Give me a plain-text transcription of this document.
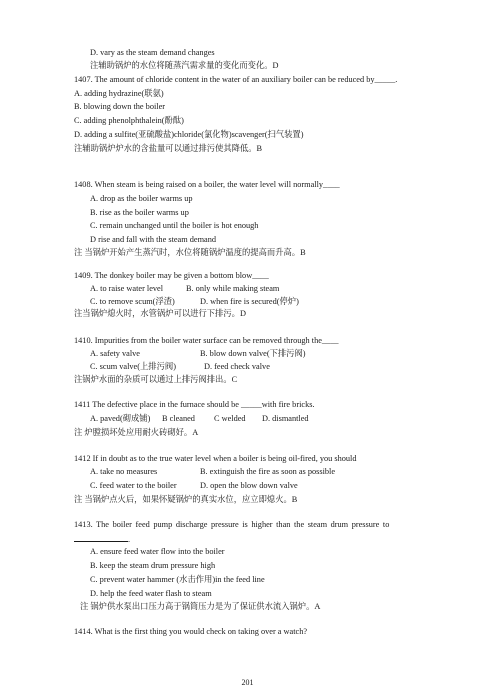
D. vary as the steam demand changes
注辅助锅炉的水位将随蒸汽需求量的变化而变化。D
1407. The amount of chloride content in the water of an auxiliary boiler can be reduced by_____.
A. adding hydrazine(联氨)
B. blowing down the boiler
C. adding phenolphthalein(酚酞)
D. adding a sulfite(亚硫酸盐)chloride(氯化物)scavenger(扫气装置)
注辅助锅炉炉水的含盐量可以通过排污使其降低。B
1408. When steam is being raised on a boiler, the water level will normally____
A. drop as the boiler warms up
B. rise as the boiler warms up
C. remain unchanged until the boiler is hot enough
D rise and fall with the steam demand
注 当锅炉开始产生蒸汽时，水位将随锅炉温度的提高而升高。B
1409. The donkey boiler may be given a bottom blow____
A. to raise water level	B. only while making steam
C. to remove scum(浮渣)	D. when fire is secured(停炉)
注当锅炉熄火时，水管锅炉可以进行下排污。D
1410. Impurities from the boiler water surface can be removed through the____
A. safety valve	B. blow down valve(下排污阀)
C. scum valve(上排污阀)	D. feed check valve
注锅炉水面的杂质可以通过上排污阀排出。C
1411 The defective place in the furnace should be _____with fire bricks.
A. paved(砌成铺) B cleaned C welded D. dismantled
注 炉膛损坏处应用耐火砖砌好。A
1412 If in doubt as to the true water level when a boiler is being oil-fired, you should
A. take no measures	B. extinguish the fire as soon as possible
C. feed water to the boiler	D. open the blow down valve
注 当锅炉点火后，如果怀疑锅炉的真实水位，应立即熄火。B
1413. The boiler feed pump discharge pressure is higher than the steam drum pressure to
.
A. ensure feed water flow into the boiler
B. keep the steam drum pressure high
C. prevent water hammer (水击作用)in the feed line
D. help the feed water flash to steam
注 锅炉供水泵出口压力高于锅筒压力是为了保证供水流入锅炉。A
1414. What is the first thing you would check on taking over a watch?
201
